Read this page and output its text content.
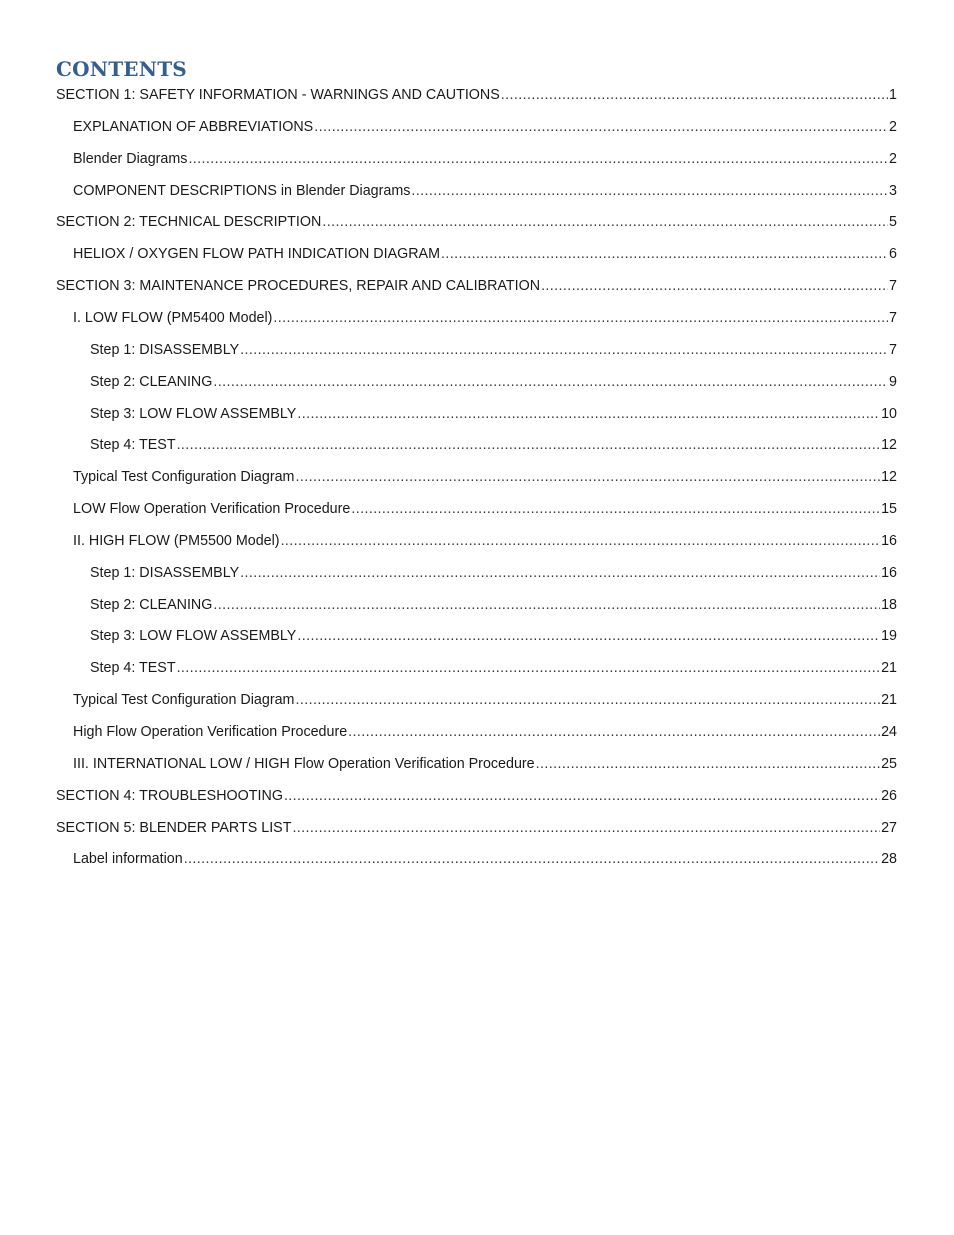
CONTENTS
SECTION 1: SAFETY INFORMATION - WARNINGS AND CAUTIONS .....	1
EXPLANATION OF ABBREVIATIONS .....	2
Blender Diagrams .....	2
COMPONENT DESCRIPTIONS in Blender Diagrams .....	3
SECTION 2: TECHNICAL DESCRIPTION .....	5
HELIOX / OXYGEN FLOW PATH INDICATION DIAGRAM .....	6
SECTION 3: MAINTENANCE PROCEDURES, REPAIR AND CALIBRATION .....	7
I. LOW FLOW (PM5400 Model) .....	7
Step 1: DISASSEMBLY .....	7
Step 2: CLEANING .....	9
Step 3: LOW FLOW ASSEMBLY .....	10
Step 4: TEST .....	12
Typical Test Configuration Diagram .....	12
LOW Flow Operation Verification Procedure .....	15
II. HIGH FLOW (PM5500 Model) .....	16
Step 1: DISASSEMBLY .....	16
Step 2: CLEANING .....	18
Step 3: LOW FLOW ASSEMBLY .....	19
Step 4: TEST .....	21
Typical Test Configuration Diagram .....	21
High Flow Operation Verification Procedure .....	24
III. INTERNATIONAL LOW / HIGH Flow Operation Verification Procedure .....	25
SECTION 4: TROUBLESHOOTING .....	26
SECTION 5: BLENDER PARTS LIST .....	27
Label information .....	28
